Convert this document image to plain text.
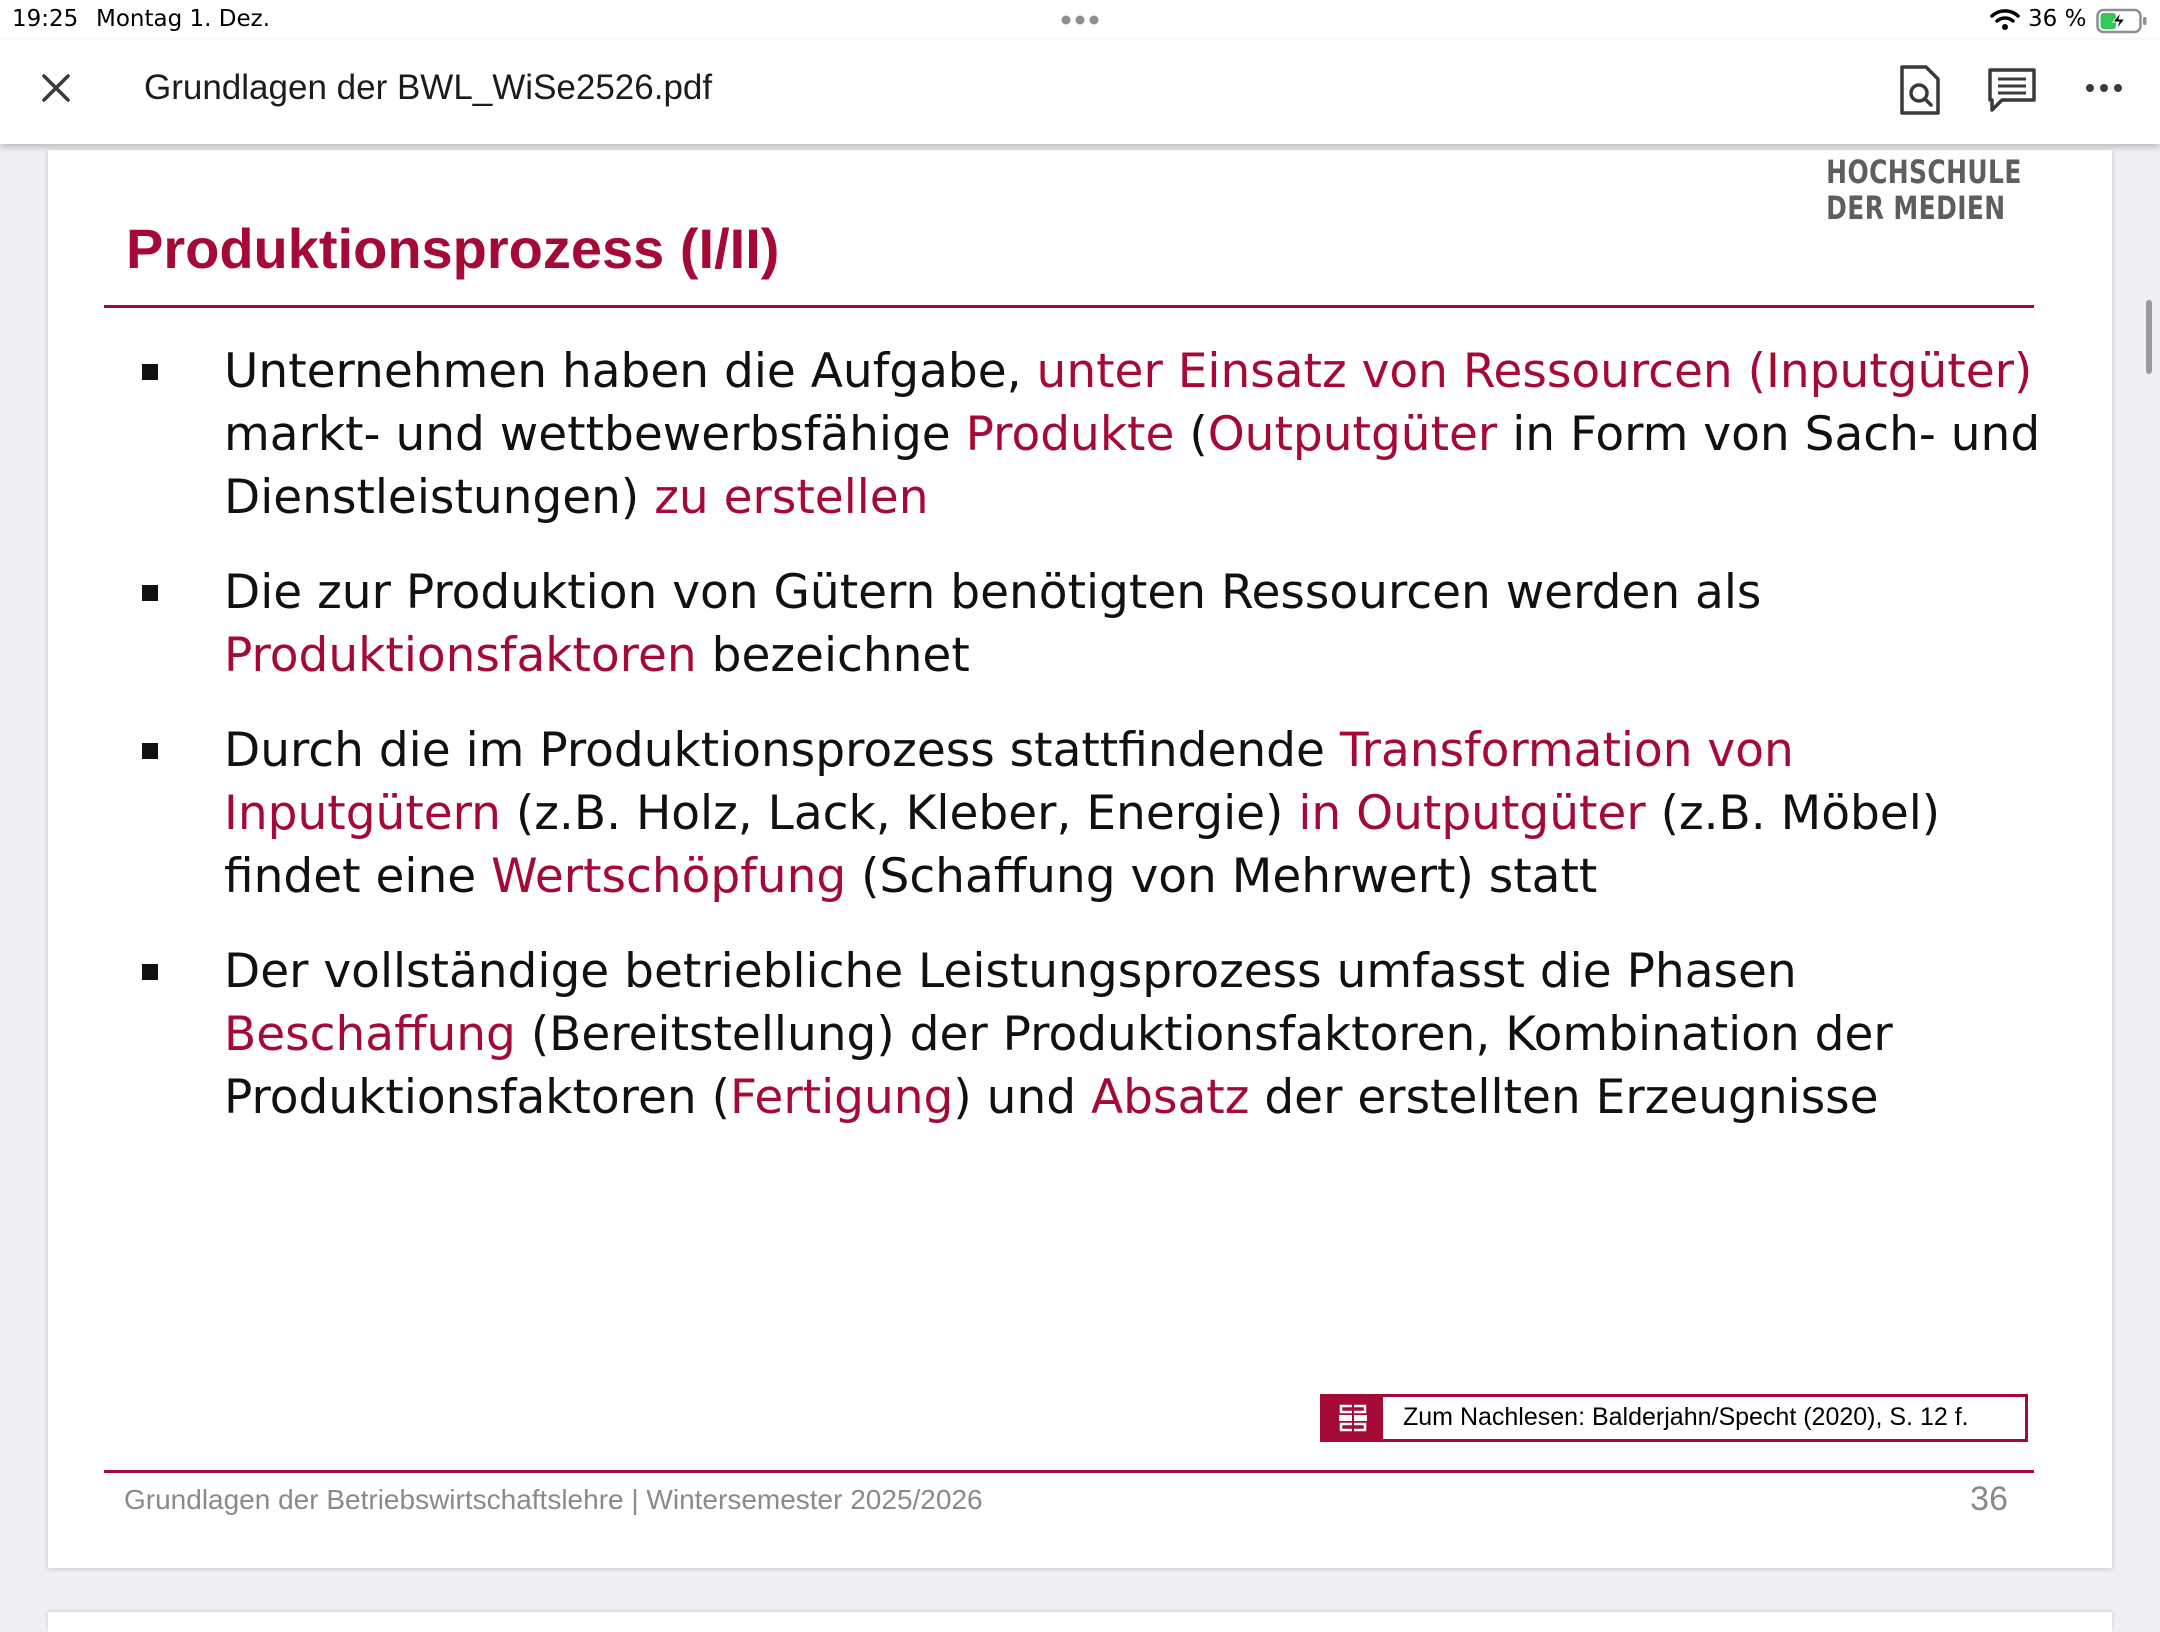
19:25 Montag 1. Dez.	36 %
Grundlagen der BWL_WiSe2526.pdf
HOCHSCHULE
DER MEDIEN
Produktionsprozess (I/II)
Unternehmen haben die Aufgabe, unter Einsatz von Ressourcen (Inputgüter)
markt- und wettbewerbsfähige Produkte (Outputgüter in Form von Sach- und
Dienstleistungen) zu erstellen
Die zur Produktion von Gütern benötigten Ressourcen werden als
Produktionsfaktoren bezeichnet
Durch die im Produktionsprozess stattfindende Transformation von
Inputgütern (z.B. Holz, Lack, Kleber, Energie) in Outputgüter (z.B. Möbel)
findet eine Wertschöpfung (Schaffung von Mehrwert) statt
Der vollständige betriebliche Leistungsprozess umfasst die Phasen
Beschaffung (Bereitstellung) der Produktionsfaktoren, Kombination der
Produktionsfaktoren (Fertigung) und Absatz der erstellten Erzeugnisse
Zum Nachlesen: Balderjahn/Specht (2020), S. 12 f.
Grundlagen der Betriebswirtschaftslehre | Wintersemester 2025/2026	36
